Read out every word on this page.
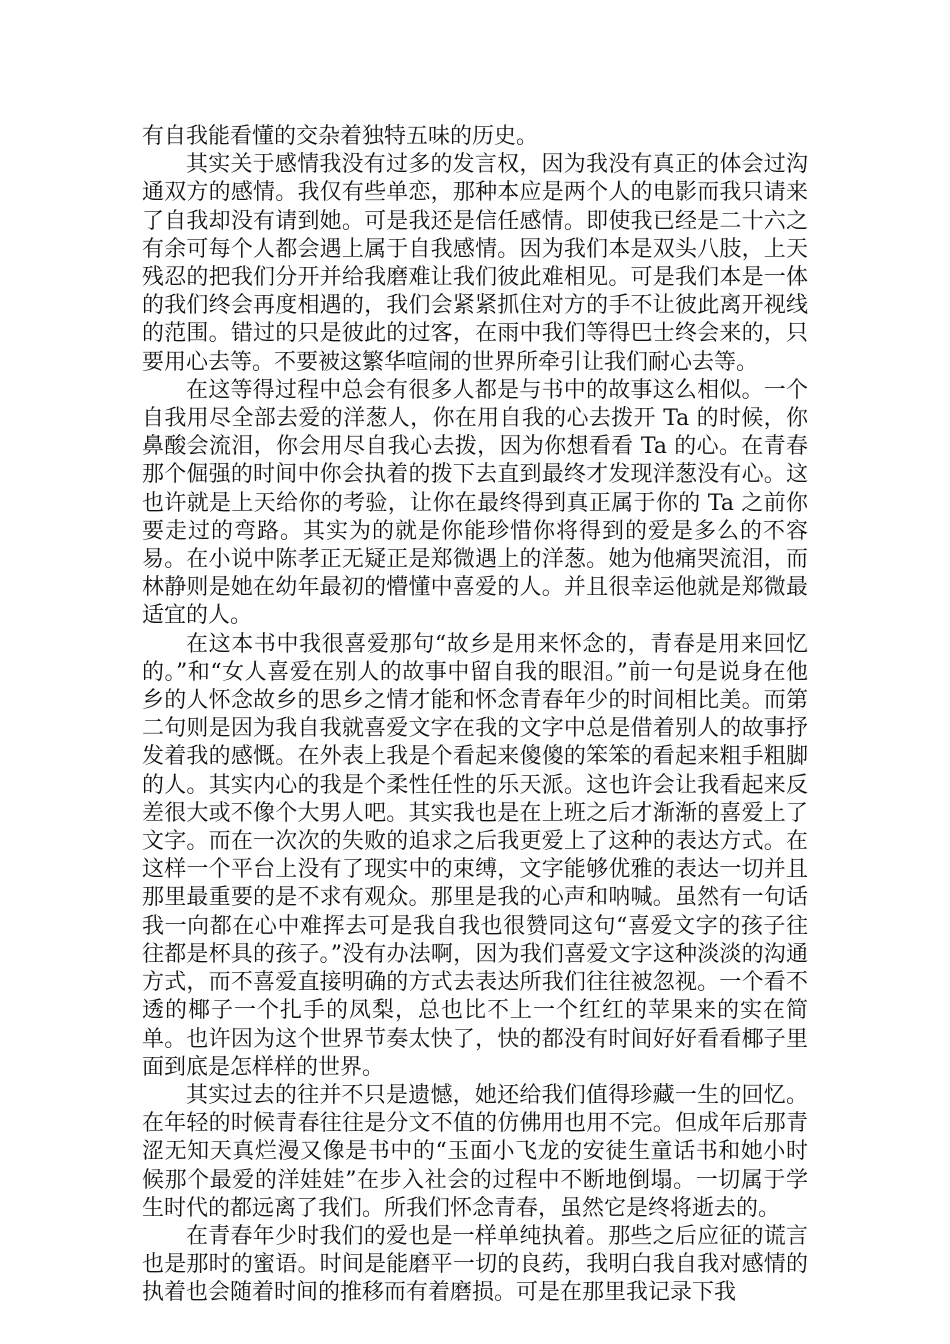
有自我能看懂的交杂着独特五味的历史。

其实关于感情我没有过多的发言权，因为我没有真正的体会过沟通双方的感情。我仅有些单恋，那种本应是两个人的电影而我只请来了自我却没有请到她。可是我还是信任感情。即使我已经是二十六之有余可每个人都会遇上属于自我感情。因为我们本是双头八肢，上天残忍的把我们分开并给我磨难让我们彼此难相见。可是我们本是一体的我们终会再度相遇的，我们会紧紧抓住对方的手不让彼此离开视线的范围。错过的只是彼此的过客，在雨中我们等得巴士终会来的，只要用心去等。不要被这繁华喧闹的世界所牵引让我们耐心去等。

在这等得过程中总会有很多人都是与书中的故事这么相似。一个自我用尽全部去爱的洋葱人，你在用自我的心去拨开 Ta 的时候，你鼻酸会流泪，你会用尽自我心去拨，因为你想看看 Ta 的心。在青春那个倔强的时间中你会执着的拨下去直到最终才发现洋葱没有心。这也许就是上天给你的考验，让你在最终得到真正属于你的 Ta 之前你要走过的弯路。其实为的就是你能珍惜你将得到的爱是多么的不容易。在小说中陈孝正无疑正是郑微遇上的洋葱。她为他痛哭流泪，而林静则是她在幼年最初的懵懂中喜爱的人。并且很幸运他就是郑微最适宜的人。

在这本书中我很喜爱那句“故乡是用来怀念的，青春是用来回忆的。”和“女人喜爱在别人的故事中留自我的眼泪。”前一句是说身在他乡的人怀念故乡的思乡之情才能和怀念青春年少的时间相比美。而第二句则是因为我自我就喜爱文字在我的文字中总是借着别人的故事抒发着我的感慨。在外表上我是个看起来傻傻的笨笨的看起来粗手粗脚的人。其实内心的我是个柔性任性的乐天派。这也许会让我看起来反差很大或不像个大男人吧。其实我也是在上班之后才渐渐的喜爱上了文字。而在一次次的失败的追求之后我更爱上了这种的表达方式。在这样一个平台上没有了现实中的束缚，文字能够优雅的表达一切并且那里最重要的是不求有观众。那里是我的心声和呐喊。虽然有一句话我一向都在心中难挥去可是我自我也很赞同这句“喜爱文字的孩子往往都是杯具的孩子。”没有办法啊，因为我们喜爱文字这种淡淡的沟通方式，而不喜爱直接明确的方式去表达所我们往往被忽视。一个看不透的椰子一个扎手的凤梨，总也比不上一个红红的苹果来的实在简单。也许因为这个世界节奏太快了，快的都没有时间好好看看椰子里面到底是怎样样的世界。

其实过去的往并不只是遗憾，她还给我们值得珍藏一生的回忆。在年轻的时候青春往往是分文不值的仿佛用也用不完。但成年后那青涩无知天真烂漫又像是书中的“玉面小飞龙的安徒生童话书和她小时候那个最爱的洋娃娃”在步入社会的过程中不断地倒塌。一切属于学生时代的都远离了我们。所我们怀念青春，虽然它是终将逝去的。

在青春年少时我们的爱也是一样单纯执着。那些之后应征的谎言也是那时的蜜语。时间是能磨平一切的良药，我明白我自我对感情的执着也会随着时间的推移而有着磨损。可是在那里我记录下我
